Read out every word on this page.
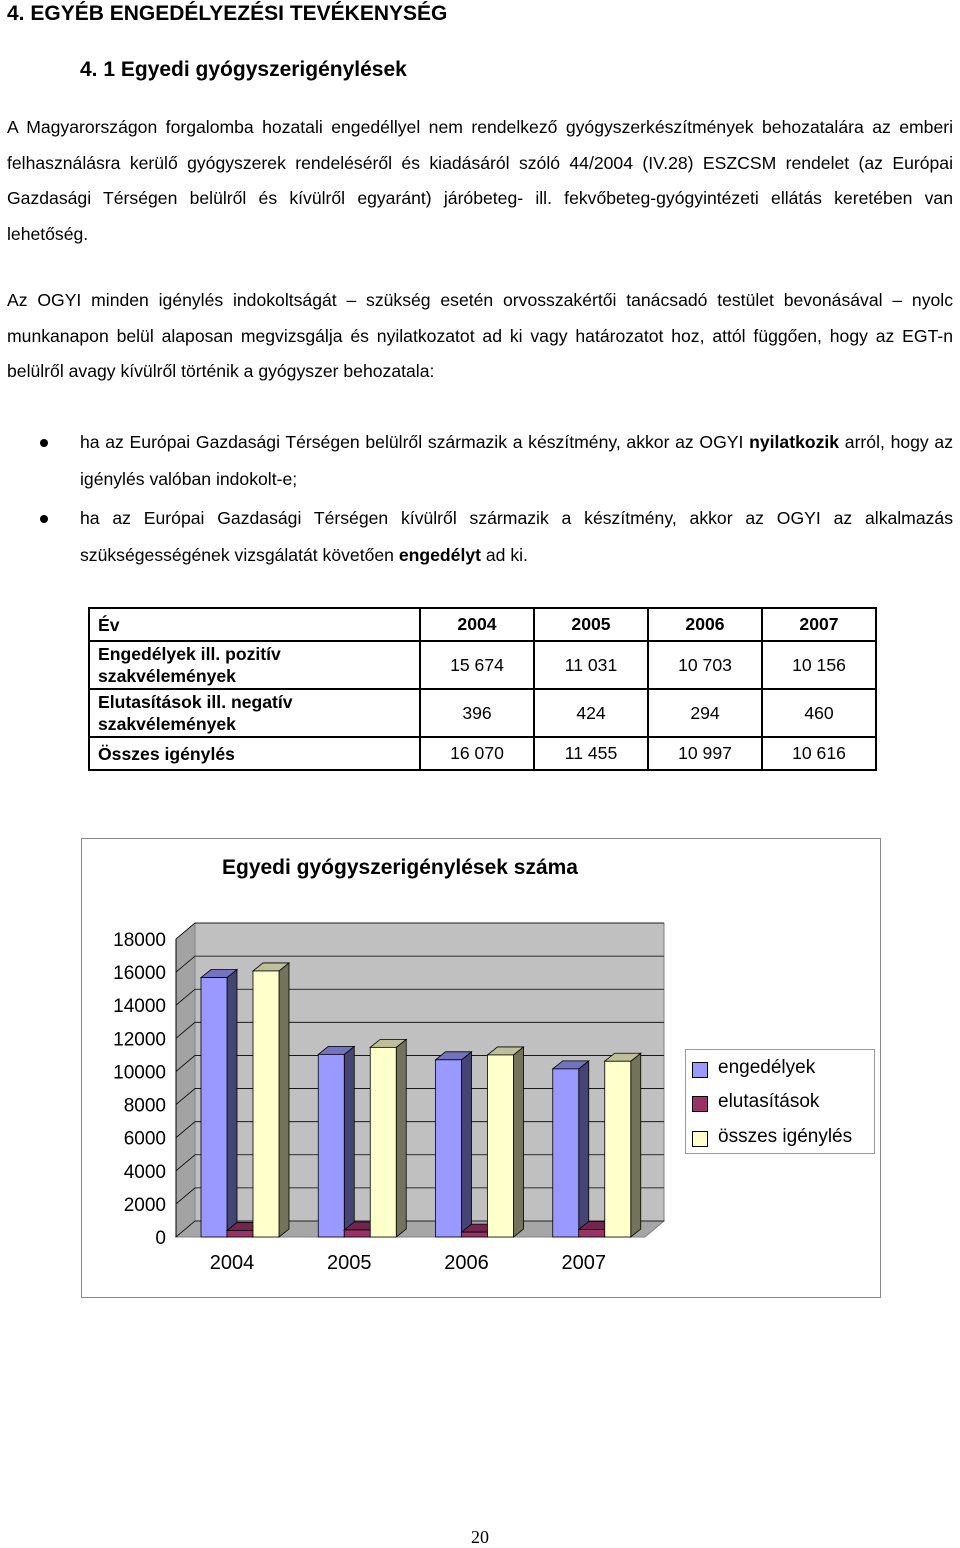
4. EGYÉB ENGEDÉLYEZÉSI TEVÉKENYSÉG
4. 1 Egyedi gyógyszerigénylések

A Magyarországon forgalomba hozatali engedéllyel nem rendelkező gyógyszerkészítmények behozatalára az emberi felhasználásra kerülő gyógyszerek rendeléséről és kiadásáról szóló 44/2004 (IV.28) ESZCSM rendelet (az Európai Gazdasági Térségen belülről és kívülről egyaránt) járóbeteg- ill. fekvőbeteg-gyógyintézeti ellátás keretében van lehetőség.

Az OGYI minden igénylés indokoltságát – szükség esetén orvosszakértői tanácsadó testület bevonásával – nyolc munkanapon belül alaposan megvizsgálja és nyilatkozatot ad ki vagy határozatot hoz, attól függően, hogy az EGT-n belülről avagy kívülről történik a gyógyszer behozatala:

ha az Európai Gazdasági Térségen belülről származik a készítmény, akkor az OGYI nyilatkozik arról, hogy az igénylés valóban indokolt-e;

ha az Európai Gazdasági Térségen kívülről származik a készítmény, akkor az OGYI az alkalmazás szükségességének vizsgálatát követően engedélyt ad ki.

Év	2004	2005	2006	2007
Engedélyek ill. pozitív szakvélemények	15 674	11 031	10 703	10 156
Elutasítások ill. negatív szakvélemények	396	424	294	460
Összes igénylés	16 070	11 455	10 997	10 616
Egyedi gyógyszerigénylések száma
0
2000
4000
6000
8000
10000
12000
14000
16000
18000
2004	2005	2006	2007
engedélyek
elutasítások
összes igénylés
20
